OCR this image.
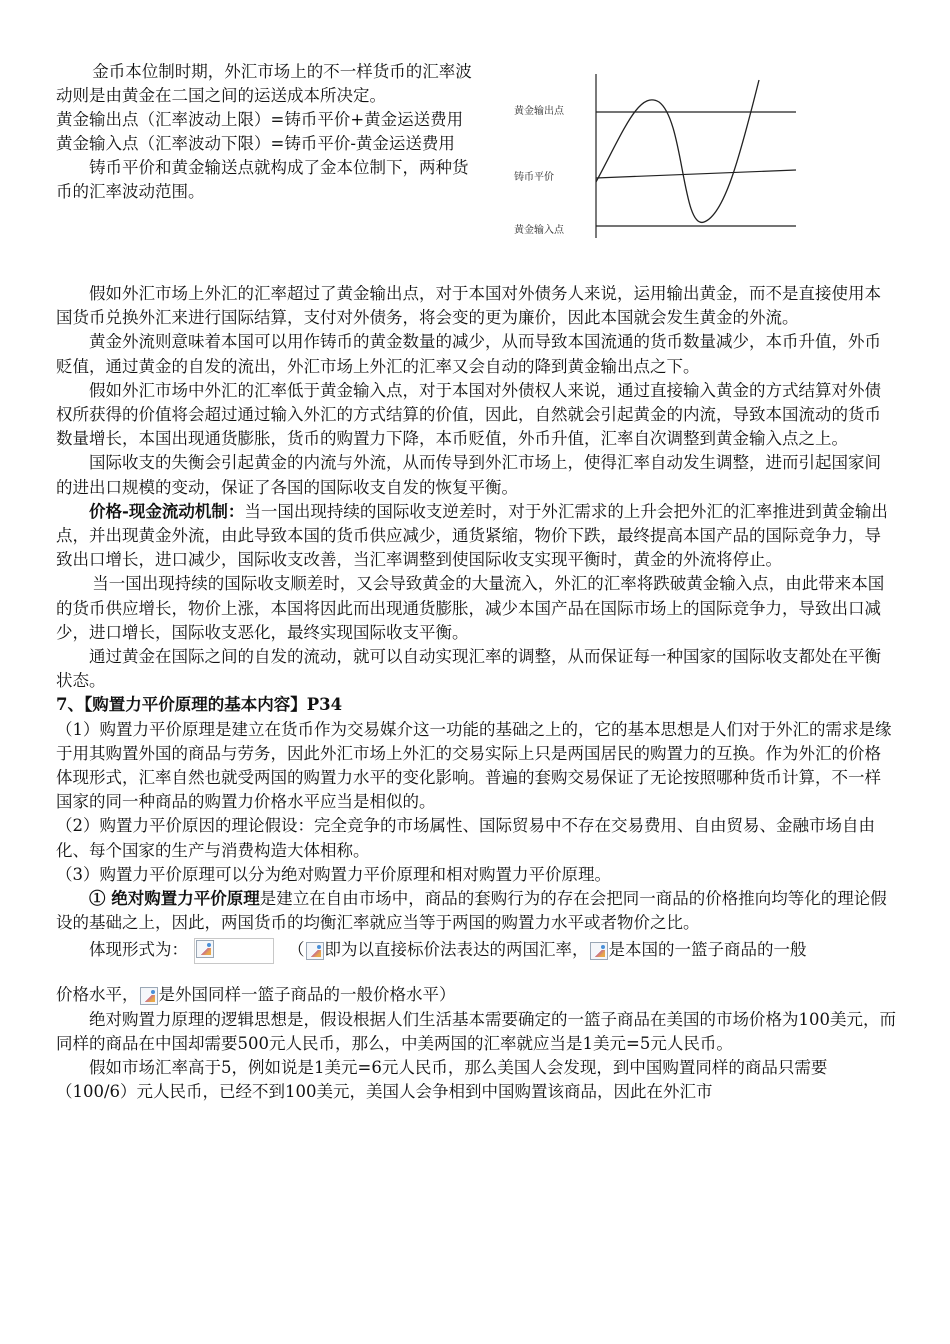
金币本位制时期，外汇市场上的不一样货币的汇率波动则是由黄金在二国之间的运送成本所决定。

黄金输出点（汇率波动上限）=铸币平价+黄金运送费用

黄金输入点（汇率波动下限）=铸币平价-黄金运送费用

铸币平价和黄金输送点就构成了金本位制下，两种货币的汇率波动范围。

黄金输出点
铸币平价
黄金输入点

假如外汇市场上外汇的汇率超过了黄金输出点，对于本国对外债务人来说，运用输出黄金，而不是直接使用本国货币兑换外汇来进行国际结算，支付对外债务，将会变的更为廉价，因此本国就会发生黄金的外流。

黄金外流则意味着本国可以用作铸币的黄金数量的减少，从而导致本国流通的货币数量减少，本币升值，外币贬值，通过黄金的自发的流出，外汇市场上外汇的汇率又会自动的降到黄金输出点之下。

假如外汇市场中外汇的汇率低于黄金输入点，对于本国对外债权人来说，通过直接输入黄金的方式结算对外债权所获得的价值将会超过通过输入外汇的方式结算的价值，因此，自然就会引起黄金的内流，导致本国流动的货币数量增长，本国出现通货膨胀，货币的购置力下降，本币贬值，外币升值，汇率自次调整到黄金输入点之上。

国际收支的失衡会引起黄金的内流与外流，从而传导到外汇市场上，使得汇率自动发生调整，进而引起国家间的进出口规模的变动，保证了各国的国际收支自发的恢复平衡。

价格-现金流动机制：当一国出现持续的国际收支逆差时，对于外汇需求的上升会把外汇的汇率推进到黄金输出点，并出现黄金外流，由此导致本国的货币供应减少，通货紧缩，物价下跌，最终提高本国产品的国际竞争力，导致出口增长，进口减少，国际收支改善，当汇率调整到使国际收支实现平衡时，黄金的外流将停止。

当一国出现持续的国际收支顺差时，又会导致黄金的大量流入，外汇的汇率将跌破黄金输入点，由此带来本国的货币供应增长，物价上涨，本国将因此而出现通货膨胀，减少本国产品在国际市场上的国际竞争力，导致出口减少，进口增长，国际收支恶化，最终实现国际收支平衡。

通过黄金在国际之间的自发的流动，就可以自动实现汇率的调整，从而保证每一种国家的国际收支都处在平衡状态。

7、【购置力平价原理的基本内容】P34

（1）购置力平价原理是建立在货币作为交易媒介这一功能的基础之上的，它的基本思想是人们对于外汇的需求是缘于用其购置外国的商品与劳务，因此外汇市场上外汇的交易实际上只是两国居民的购置力的互换。作为外汇的价格体现形式，汇率自然也就受两国的购置力水平的变化影响。普遍的套购交易保证了无论按照哪种货币计算，不一样国家的同一种商品的购置力价格水平应当是相似的。

（2）购置力平价原因的理论假设：完全竞争的市场属性、国际贸易中不存在交易费用、自由贸易、金融市场自由化、每个国家的生产与消费构造大体相称。

（3）购置力平价原理可以分为绝对购置力平价原理和相对购置力平价原理。

① 绝对购置力平价原理是建立在自由市场中，商品的套购行为的存在会把同一商品的价格推向均等化的理论假设的基础之上，因此，两国货币的均衡汇率就应当等于两国的购置力水平或者物价之比。

体现形式为：	（ 即为以直接标价法表达的两国汇率， 是本国的一篮子商品的一般

价格水平， 是外国同样一篮子商品的一般价格水平）

绝对购置力原理的逻辑思想是，假设根据人们生活基本需要确定的一篮子商品在美国的市场价格为100美元，而同样的商品在中国却需要500元人民币，那么，中美两国的汇率就应当是1美元=5元人民币。

假如市场汇率高于5，例如说是1美元=6元人民币，那么美国人会发现，到中国购置同样的商品只需要（100/6）元人民币，已经不到100美元，美国人会争相到中国购置该商品，因此在外汇市
